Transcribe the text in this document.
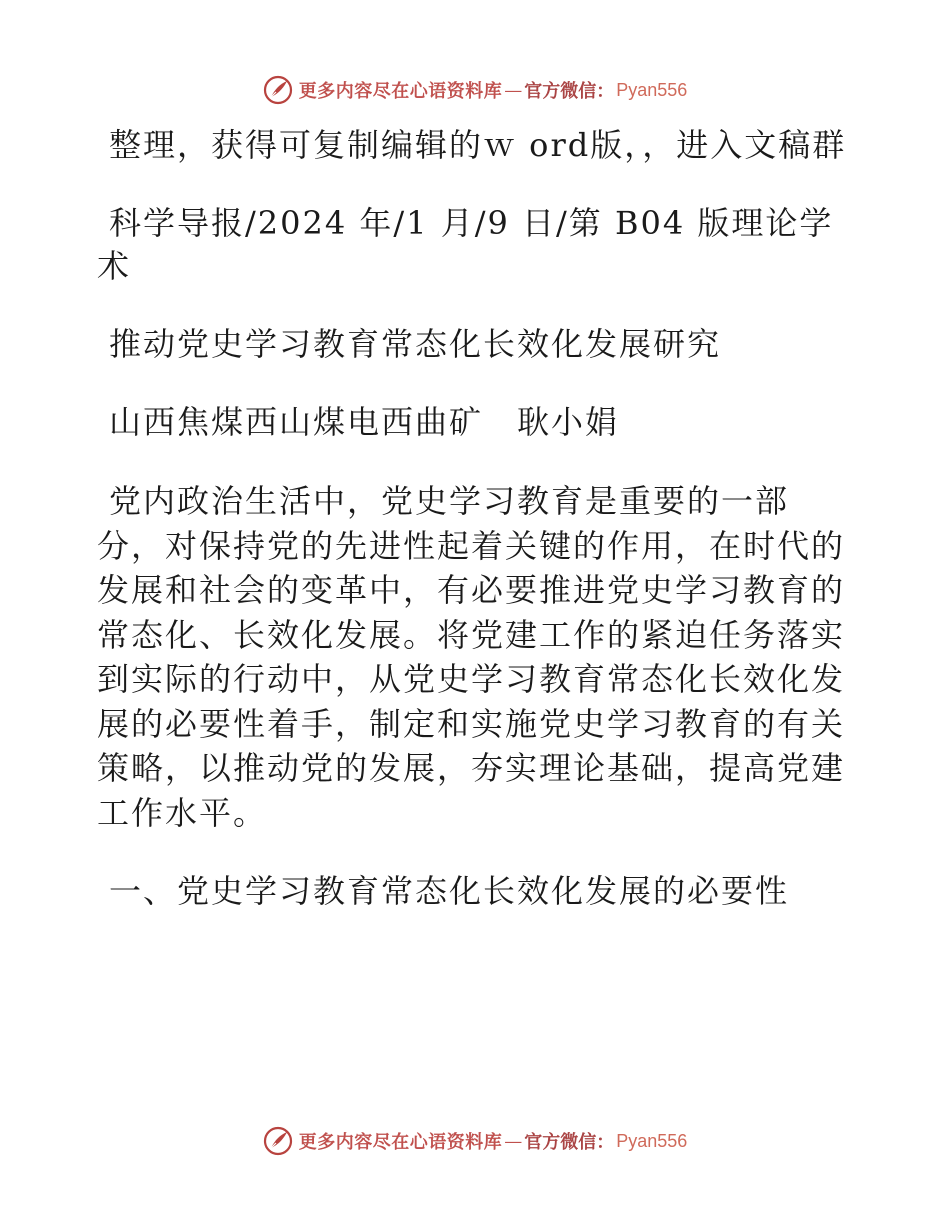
更多内容尽在心语资料库 — 官方微信： Pyan556

整理，获得可复制编辑的ｗ ord版，，进入文稿群

科学导报/2024 年/1 月/9 日/第 B04 版理论学术

推动党史学习教育常态化长效化发展研究

山西焦煤西山煤电西曲矿　耿小娟

党内政治生活中，党史学习教育是重要的一部分，对保持党的先进性起着关键的作用，在时代的发展和社会的变革中，有必要推进党史学习教育的常态化、长效化发展。将党建工作的紧迫任务落实到实际的行动中，从党史学习教育常态化长效化发展的必要性着手，制定和实施党史学习教育的有关策略，以推动党的发展，夯实理论基础，提高党建工作水平。

一、党史学习教育常态化长效化发展的必要性

更多内容尽在心语资料库 — 官方微信： Pyan556
